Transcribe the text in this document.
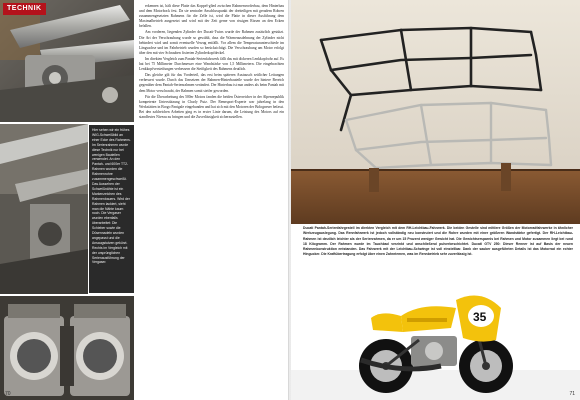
TECHNIK
Hier sehen wir ein frühes WIG-Schweißbild an einer Ecke des Rahmens. Im Serienrahmen wurde diese Technik nur bei wenigen Bauteilen verwendet. An den Pantah- und 600er TT2-Rahmen wurden die Rahmenrohre zusammengeschweißt. Das Aussehen der Schweißnähte ist ein Markenzeichen des Rahmenbauers. Wird der Rahmen lackiert, sieht man die Nähte kaum noch. Die Vergaser wurden ebenfalls überarbeitet: Die Schieber sowie die Düsennadeln wurden angepasst und die Ansaugstutzen gekürzt. Rechts im Vergleich mit der ursprünglichen Serienausführung der Vergaser.

erkennen ist, hält diese Platte das Koppel-glied zwischen Rahmenvorderbau, dem Hinterbau und dem Motorbock fest. Da sie zentraler Anschlusspunkt der dreiteiligen mit geradem Rohren zusammengesetzten Rahmens für die Zelle ist, wird die Platte in dieser Ausführung dem Maximalbetrieb ausgesetzt und wird mit der Zeit gerne von rissigen Rissen an den Ecken befallen.

Am vorderen, liegenden Zylinder der Ducati-Twins wurde der Rahmen zusätzlich gestützt. Die Art der Verschraubung wurde so gewählt, dass die Wärmeausdehnung der Zylinder nicht behindert wird und somit eventuelle Verzug entfällt. Vor allem die Temperaturunterschiede im Längsachse und im Fahrbetrieb wurden so berücksichtigt. Die Verschraubung am Motor erfolgt über den mit vier Schrauben fixierten Zylinderkopfdeckel.

Im direkten Vergleich zum Pantah-Serienfahrwerk fällt das mit dickeren Lenkkopfrohr auf. Es hat bei 75 Millimeter Durchmesser eine Wandstärke von 1,5 Millimetern. Die eingebrachten Lenkkopfversteifungen verbessern die Steifigkeit des Rahmens deutlich.

Das gleiche gilt für das Vorderteil, das erst beim späteren Austausch seitlicher Leitungen verbessert wurde. Durch das Umsetzen der Rahmen-Hinterbauteile wurde der hintere Bereich gegenüber dem Pantah-Serienrahmen verändert. Der Hinterbau ist nun anders als beim Pantah mit dem Motor verschraubt, der Rahmen somit steifer geworden.

Für die Überarbeitung des 500er Motors fanden die beiden Österreicher in der Alpenrepublik kompetente Unterstützung in Charly Putz. Der Rennsport-Experte war jahrelang in den Werkstätten in Borgo Panigale eingebunden und hat sich mit den Motoren der Bologneser befasst. Bei den zahlreichen Arbeiten ging es in erster Linie darum, die Leistung des Motors auf ein standfestes Niveau zu bringen und die Zuverlässigkeit sicherzustellen.

70
Ducati Pantah-Serienfahrgestell im direkten Vergleich mit dem RH-Leichtbau-Fahrwerk. Die beiden Gestelle sind mittlere Größen der Motorradfahrwerke in ähnlicher Werkzeugauslegung. Das Rennfahrwerk ist jedoch vollständig neu konstruiert und die Rohre wurden mit einer größeren Wandstärke gefertigt. Der RH-Leichtbau-Rahmen ist deutlich leichter als der Serienrahmen, da er um 15 Prozent weniger Gewicht hat. Die Gewichtsersparnis bei Rahmen und Motor zusammen liegt bei rund 18 Kilogramm. Der Rahmen wurde im Tauchbad verzinkt und anschließend pulverbeschichtet. Ducati GTV 250: Dieser Renner ist auf Basis der neuen Rahmenkonstruktion entstanden. Das Fahrwerk mit der Leichtbau-Schwinge ist voll einstellbar. Dank der sauber ausgeführten Details ist das Motorrad ein echter Hingucker. Die Kraftübertragung erfolgt über einen Zahnriemen, was im Rennbetrieb sehr zuverlässig ist.
35
71
